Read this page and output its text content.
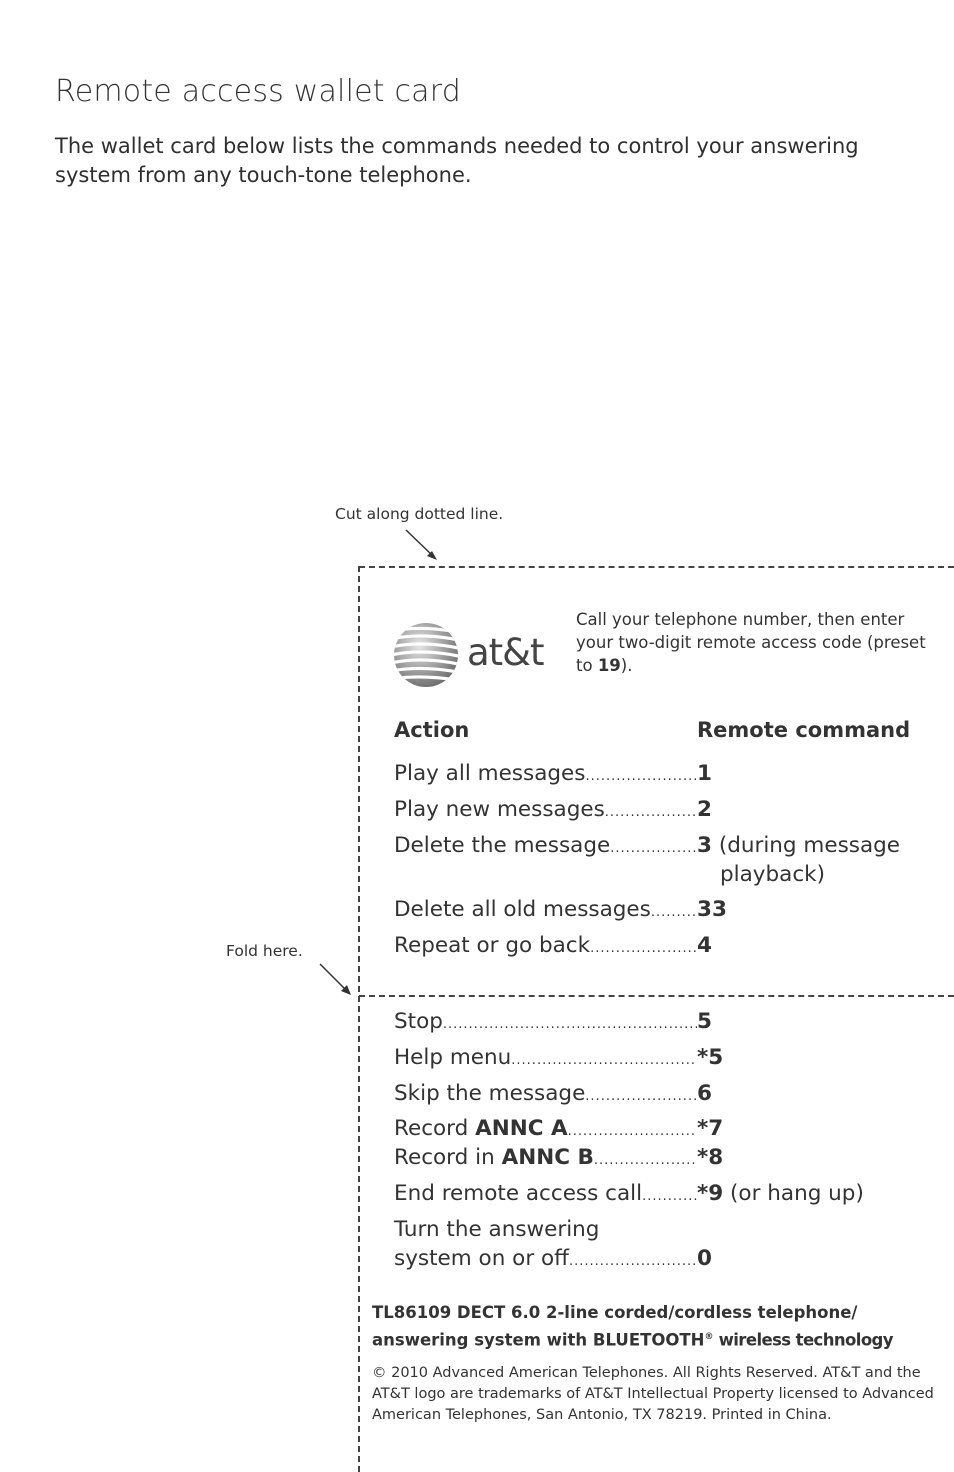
Remote access wallet card
The wallet card below lists the commands needed to control your answering system from any touch-tone telephone.
Cut along dotted line.
Fold here.
at&t
Call your telephone number, then enter your two-digit remote access code (preset to 19).
Action	Remote command
Play all messages .....	1
Play new messages .....	2
Delete the message .....	3 (during message
playback)
Delete all old messages ..... 33
Repeat or go back .....	4
Stop .....	5
Help menu .....	*5
Skip the message .....	6
Record ANNC A .....	*7
Record in ANNC B .....	*8
End remote access call .....	*9 (or hang up)
Turn the answering
system on or off .....	0
TL86109 DECT 6.0 2-line corded/cordless telephone/
answering system with BLUETOOTH® wireless technology
© 2010 Advanced American Telephones. All Rights Reserved. AT&T and the AT&T logo are trademarks of AT&T Intellectual Property licensed to Advanced American Telephones, San Antonio, TX 78219. Printed in China.
